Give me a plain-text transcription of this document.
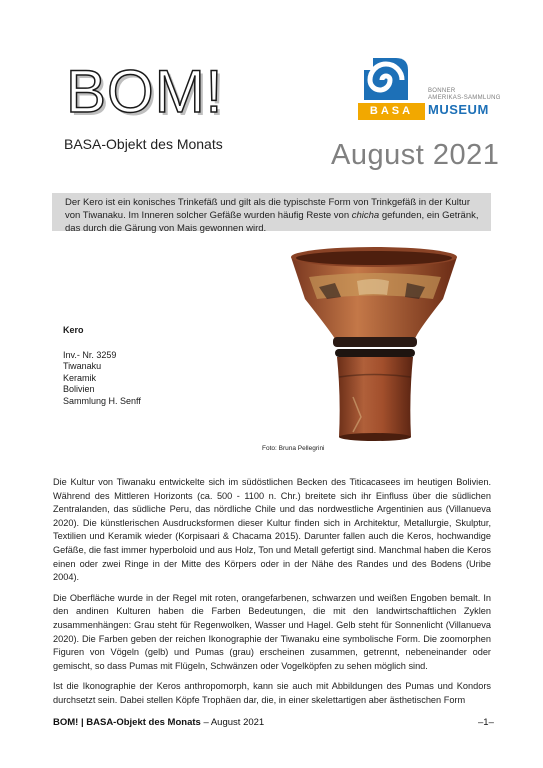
BOM!
BASA-Objekt des Monats
BONNER
AMERIKAS-SAMMLUNG
BASA	MUSEUM
August 2021
Der Kero ist ein konisches Trinkefäß und gilt als die typischste Form von Trinkgefäß in der Kultur von Tiwanaku. Im Inneren solcher Gefäße wurden häufig Reste von chicha gefunden, ein Getränk, das durch die Gärung von Mais gewonnen wird.
Kero
Inv.- Nr. 3259
Tiwanaku
Keramik
Bolivien
Sammlung H. Senff
Foto: Bruna Pellegrini

Die Kultur von Tiwanaku entwickelte sich im südöstlichen Becken des Titicacasees im heutigen Bolivien. Während des Mittleren Horizonts (ca. 500 - 1100 n. Chr.) breitete sich ihr Einfluss über die südlichen Zentralanden, das südliche Peru, das nördliche Chile und das nordwestliche Argentinien aus (Villanueva 2020). Die künstlerischen Ausdrucksformen dieser Kultur finden sich in Architektur, Metallurgie, Skulptur, Textilien und Keramik wieder (Korpisaari & Chacama 2015). Darunter fallen auch die Keros, hochwandige Gefäße, die fast immer hyperboloid und aus Holz, Ton und Metall gefertigt sind. Manchmal haben die Keros einen oder zwei Ringe in der Mitte des Körpers oder in der Nähe des Randes und des Bodens (Uribe 2004).

Die Oberfläche wurde in der Regel mit roten, orangefarbenen, schwarzen und weißen Engoben bemalt. In den andinen Kulturen haben die Farben Bedeutungen, die mit den landwirtschaftlichen Zyklen zusammenhängen: Grau steht für Regenwolken, Wasser und Hagel. Gelb steht für Sonnenlicht (Villanueva 2020). Die Farben geben der reichen Ikonographie der Tiwanaku eine symbolische Form. Die zoomorphen Figuren von Vögeln (gelb) und Pumas (grau) erscheinen zusammen, getrennt, nebeneinander oder gemischt, so dass Pumas mit Flügeln, Schwänzen oder Vogelköpfen zu sehen möglich sind.

Ist die Ikonographie der Keros anthropomorph, kann sie auch mit Abbildungen des Pumas und Kondors durchsetzt sein. Dabei stellen Köpfe Trophäen dar, die, in einer skelettartigen aber ästhetischen Form

BOM! | BASA-Objekt des Monats – August 2021	–1–
